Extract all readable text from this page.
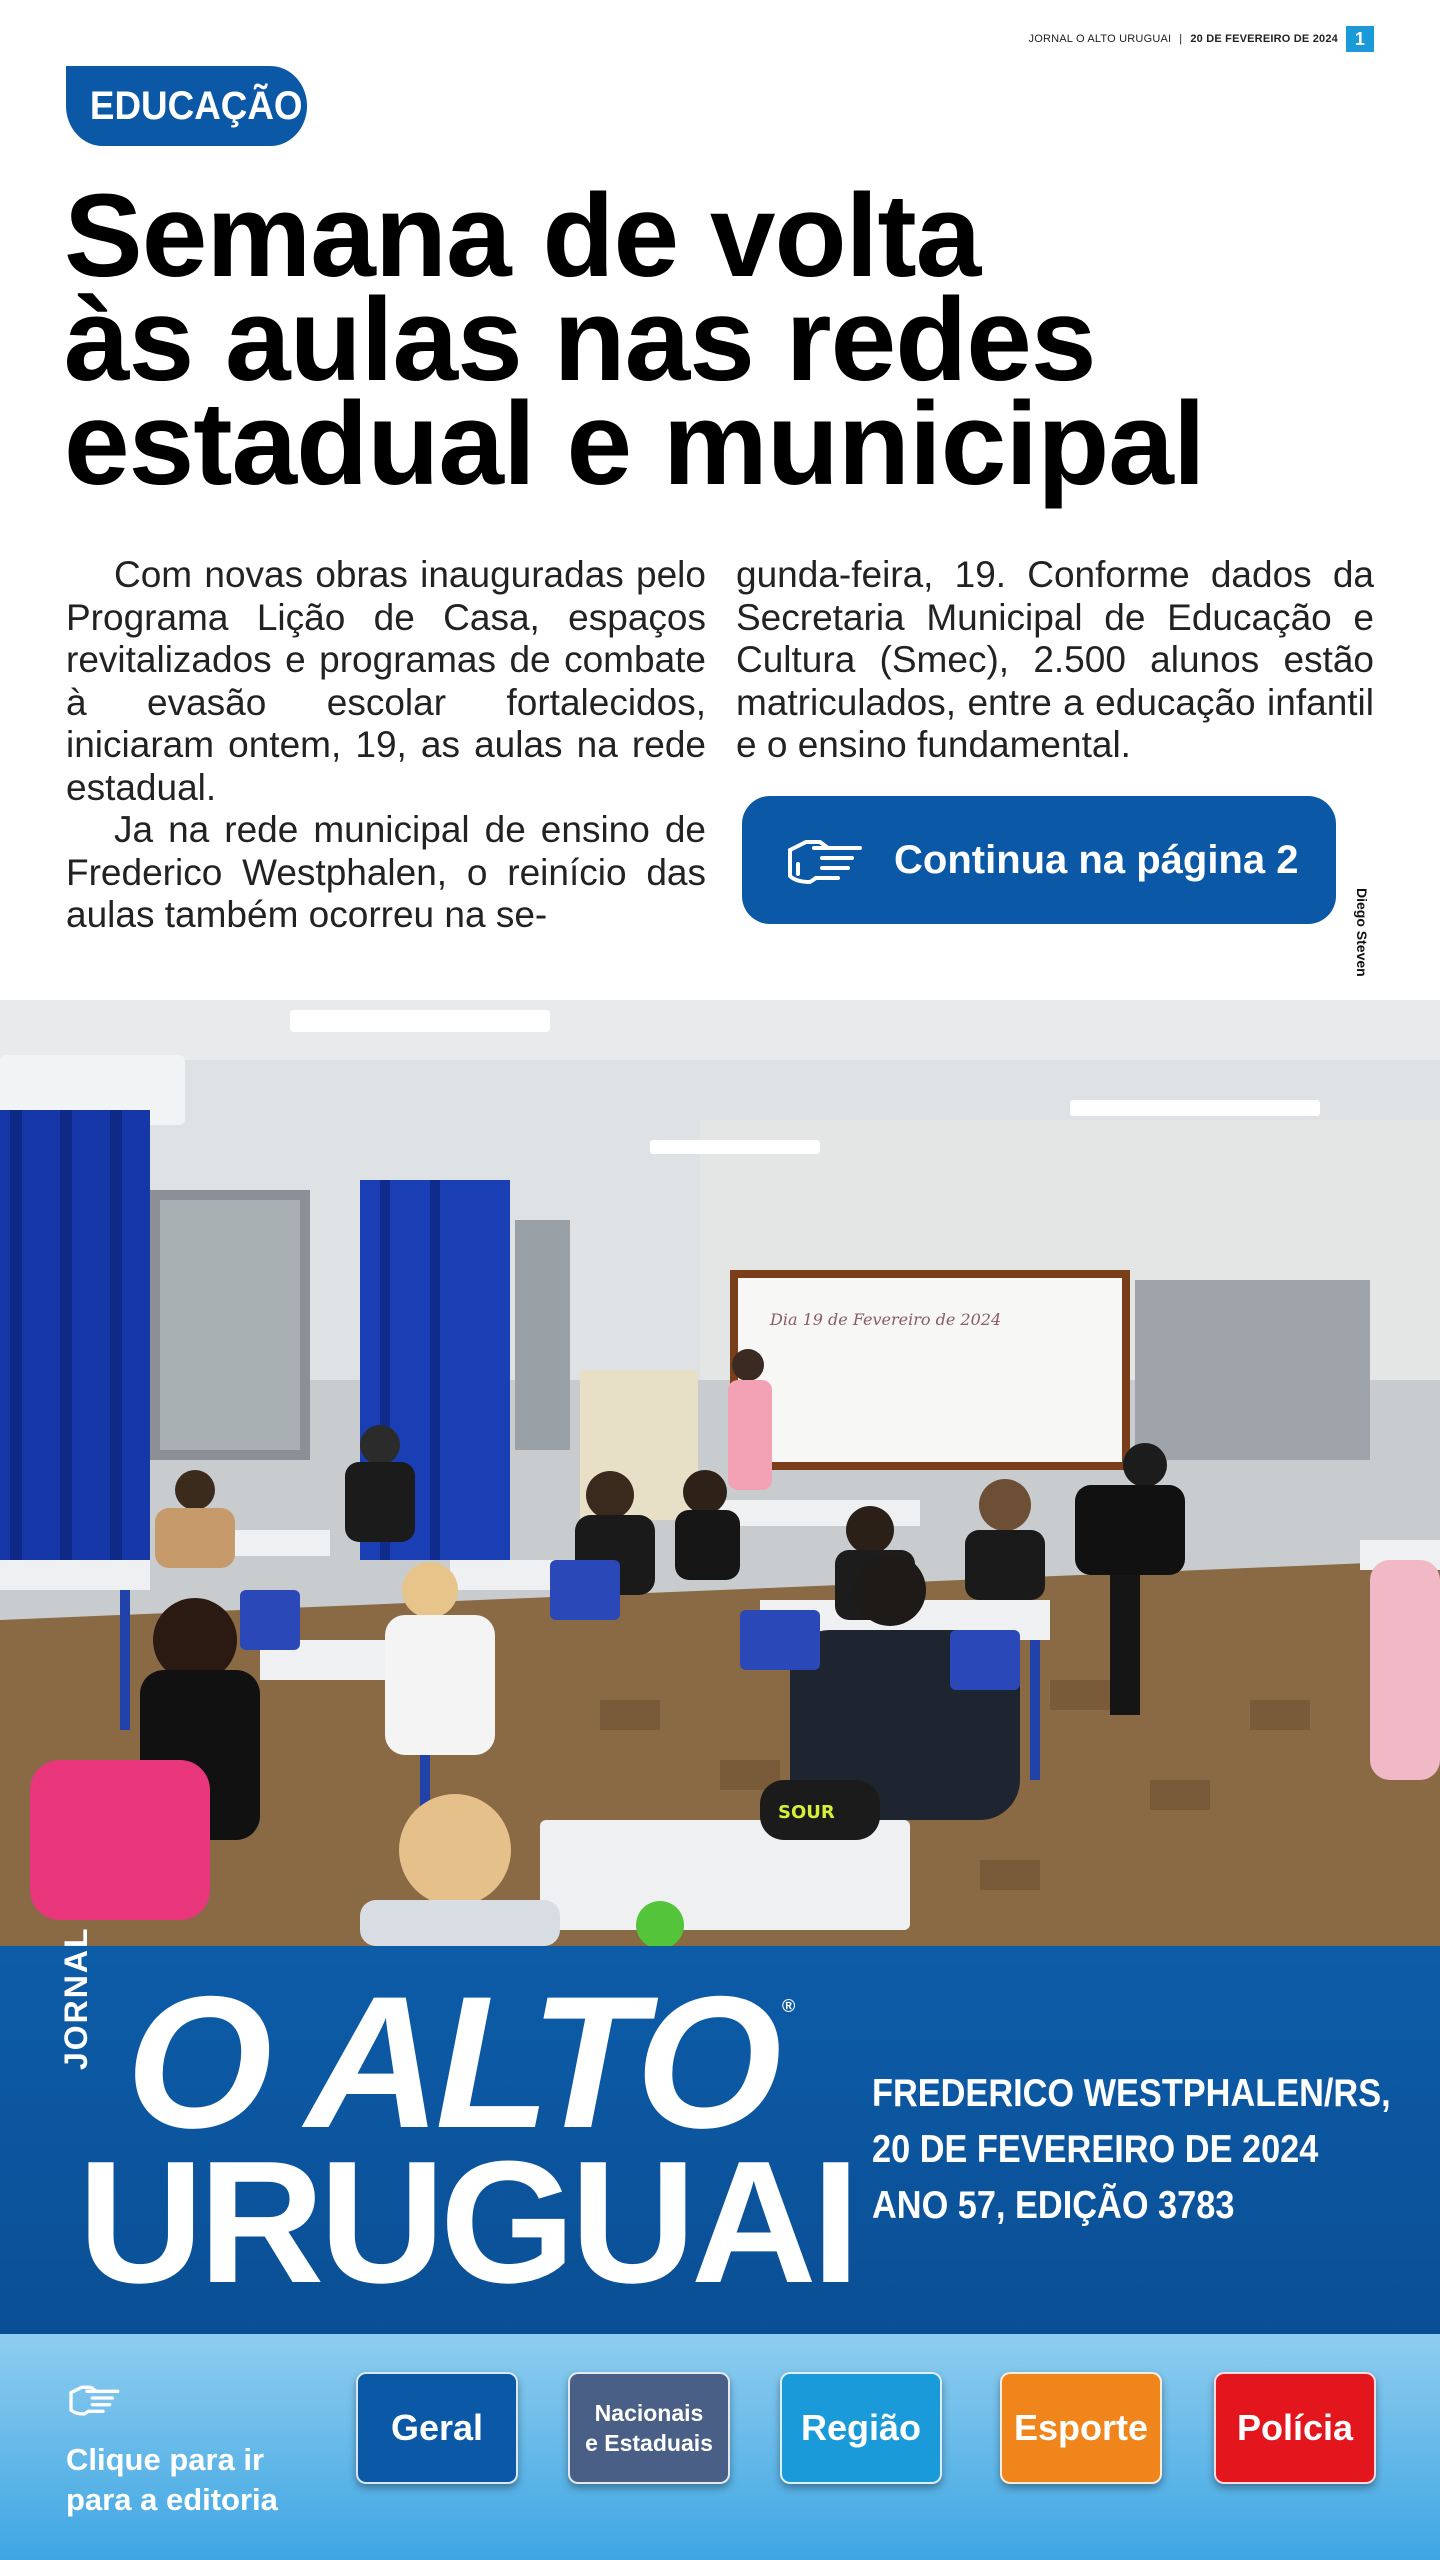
JORNAL O ALTO URUGUAI | 20 DE FEVEREIRO DE 2024 1
EDUCAÇÃO
Semana de volta
às aulas nas redes
estadual e municipal

Com novas obras inauguradas pelo Programa Lição de Casa, espaços revitalizados e programas de combate à evasão escolar fortalecidos, iniciaram ontem, 19, as aulas na rede estadual.

Ja na rede municipal de ensino de Frederico Westphalen, o reinício das aulas também ocorreu na se-

gunda-feira, 19. Conforme dados da Secretaria Municipal de Educação e Cultura (Smec), 2.500 alunos estão matriculados, entre a educação infantil e o ensino fundamental.

Continua na página 2
Diego Steven
Dia 19 de Fevereiro de 2024
SOUR
JORNAL O ALTO ®
URUGUAI
FREDERICO WESTPHALEN/RS,
20 DE FEVEREIRO DE 2024
ANO 57, EDIÇÃO 3783
Clique para ir
para a editoria
Geral	Nacionais
e Estaduais Região	Esporte Polícia
